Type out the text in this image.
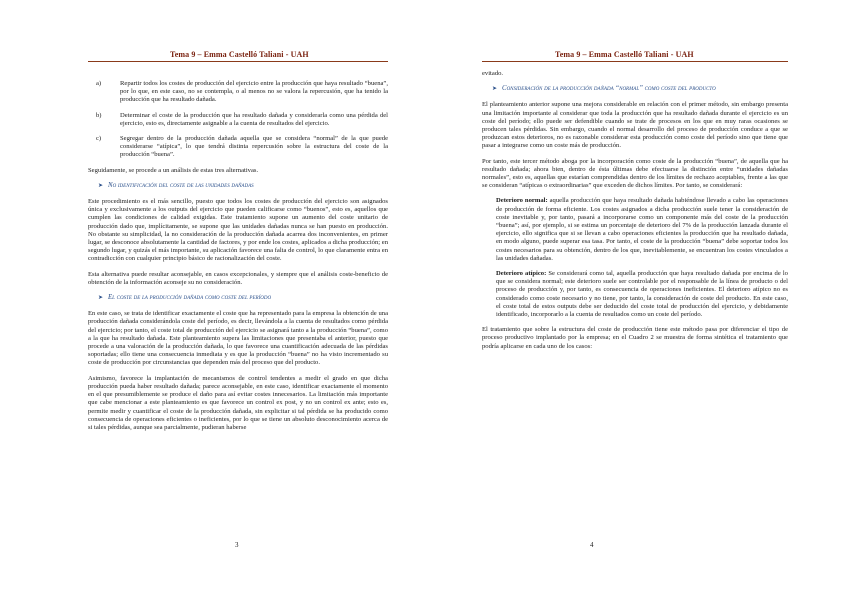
Tema 9 – Emma Castelló Taliani - UAH
a)	Repartir todos los costes de producción del ejercicio entre la producción que haya resultado “buena”, por lo que, en este caso, no se contempla, o al menos no se valora la repercusión, que ha tenido la producción que ha resultado dañada.
b)	Determinar el coste de la producción que ha resultado dañada y considerarla como una pérdida del ejercicio, esto es, directamente asignable a la cuenta de resultados del ejercicio.
c)	Segregar dentro de la producción dañada aquella que se considera “normal” de la que puede considerarse “atípica”, lo que tendrá distinta repercusión sobre la estructura del coste de la producción “buena”.

Seguidamente, se procede a un análisis de estas tres alternativas.

➤ No identificación del coste de las unidades dañadas

Este procedimiento es el más sencillo, puesto que todos los costes de producción del ejercicio son asignados única y exclusivamente a los outputs del ejercicio que pueden calificarse como “buenos”, esto es, aquellos que cumplen las condiciones de calidad exigidas. Este tratamiento supone un aumento del coste unitario de producción dado que, implícitamente, se supone que las unidades dañadas nunca se han puesto en producción. No obstante su simplicidad, la no consideración de la producción dañada acarrea dos inconvenientes, en primer lugar, se desconoce absolutamente la cantidad de factores, y por ende los costes, aplicados a dicha producción; en segundo lugar, y quizás el más importante, su aplicación favorece una falta de control, lo que claramente entra en contradicción con cualquier principio básico de racionalización del coste.

Esta alternativa puede resultar aconsejable, en casos excepcionales, y siempre que el análisis coste-beneficio de obtención de la información aconseje su no consideración.

➤ El coste de la producción dañada como coste del período

En este caso, se trata de identificar exactamente el coste que ha representado para la empresa la obtención de una producción dañada considerándola coste del período, es decir, llevándola a la cuenta de resultados como pérdida del ejercicio; por tanto, el coste total de producción del ejercicio se asignará tanto a la producción “buena”, como a la que ha resultado dañada. Este planteamiento supera las limitaciones que presentaba el anterior, puesto que procede a una valoración de la producción dañada, lo que favorece una cuantificación adecuada de las pérdidas soportadas; ello tiene una consecuencia inmediata y es que la producción “buena” no ha visto incrementado su coste de producción por circunstancias que dependen más del proceso que del producto.

Asimismo, favorece la implantación de mecanismos de control tendentes a medir el grado en que dicha producción pueda haber resultado dañada; parece aconsejable, en este caso, identificar exactamente el momento en el que presumiblemente se produce el daño para así evitar costes innecesarios. La limitación más importante que cabe mencionar a este planteamiento es que favorece un control ex post, y no un control ex ante; esto es, permite medir y cuantificar el coste de la producción dañada, sin explicitar si tal pérdida se ha producido como consecuencia de operaciones eficientes o ineficientes, por lo que se tiene un absoluto desconocimiento acerca de si tales pérdidas, aunque sea parcialmente, pudieran haberse

3
Tema 9 – Emma Castelló Taliani - UAH

evitado.

➤ Consideración de la producción dañada “normal” como coste del producto

El planteamiento anterior supone una mejora considerable en relación con el primer método, sin embargo presenta una limitación importante al considerar que toda la producción que ha resultado dañada durante el ejercicio es un coste del período; ello puede ser defendible cuando se trate de procesos en los que en muy raras ocasiones se producen tales pérdidas. Sin embargo, cuando el normal desarrollo del proceso de producción conduce a que se produzcan estos deterioros, no es razonable considerar esta producción como coste del período sino que tiene que pasar a integrarse como un coste más de producción.

Por tanto, este tercer método aboga por la incorporación como coste de la producción “buena”, de aquella que ha resultado dañada; ahora bien, dentro de ésta últimas debe efectuarse la distinción entre “unidades dañadas normales”, esto es, aquellas que estarían comprendidas dentro de los límites de rechazo aceptables, frente a las que se consideran “atípicas o extraordinarias” que exceden de dichos límites. Por tanto, se considerará:

Deterioro normal: aquella producción que haya resultado dañada habiéndose llevado a cabo las operaciones de producción de forma eficiente. Los costes asignados a dicha producción suele tener la consideración de coste inevitable y, por tanto, pasará a incorporarse como un componente más del coste de la producción “buena”; así, por ejemplo, si se estima un porcentaje de deterioro del 7% de la producción lanzada durante el ejercicio, ello significa que si se llevan a cabo operaciones eficientes la producción que ha resultado dañada, en modo alguno, puede superar esa tasa. Por tanto, el coste de la producción “buena” debe soportar todos los costes necesarios para su obtención, dentro de los que, inevitablemente, se encuentran los costes vinculados a las unidades dañadas.

Deterioro atípico: Se considerará como tal, aquella producción que haya resultado dañada por encima de lo que se considera normal; este deterioro suele ser controlable por el responsable de la línea de producto o del proceso de producción y, por tanto, es consecuencia de operaciones ineficientes. El deterioro atípico no es considerado como coste necesario y no tiene, por tanto, la consideración de coste del producto. En este caso, el coste total de estos outputs debe ser deducido del coste total de producción del ejercicio, y debidamente identificado, incorporarlo a la cuenta de resultados como un coste del período.

El tratamiento que sobre la estructura del coste de producción tiene este método pasa por diferenciar el tipo de proceso productivo implantado por la empresa; en el Cuadro 2 se muestra de forma sintética el tratamiento que podría aplicarse en cada uno de los casos:

4
